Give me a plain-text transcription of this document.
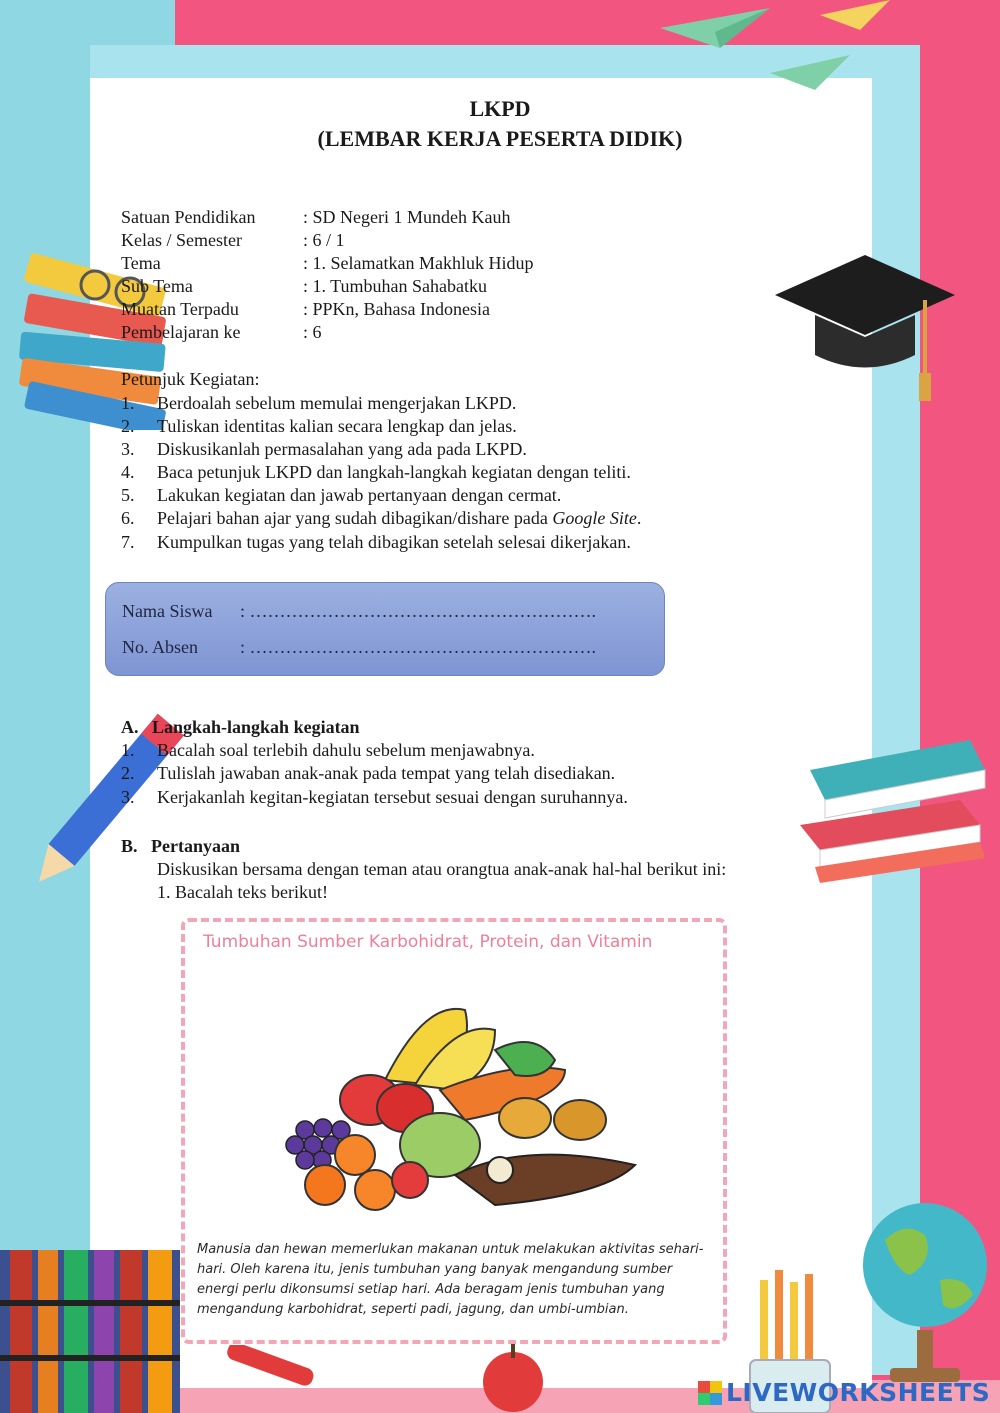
LKPD
(LEMBAR KERJA PESERTA DIDIK)
Satuan Pendidikan	: SD Negeri 1 Mundeh Kauh
Kelas / Semester	: 6 / 1
Tema	: 1. Selamatkan Makhluk Hidup
Sub Tema	: 1. Tumbuhan Sahabatku
Muatan Terpadu	: PPKn, Bahasa Indonesia
Pembelajaran ke	: 6
Petunjuk Kegiatan:
1. Berdoalah sebelum memulai mengerjakan LKPD.
2. Tuliskan identitas kalian secara lengkap dan jelas.
3. Diskusikanlah permasalahan yang ada pada LKPD.
4. Baca petunjuk LKPD dan langkah-langkah kegiatan dengan teliti.
5. Lakukan kegiatan dan jawab pertanyaan dengan cermat.
6. Pelajari bahan ajar yang sudah dibagikan/dishare pada Google Site.
7. Kumpulkan tugas yang telah dibagikan setelah selesai dikerjakan.
Nama Siswa : ………………………………………………….
No. Absen : ………………………………………………….
A.   Langkah-langkah kegiatan
1. Bacalah soal terlebih dahulu sebelum menjawabnya.
2. Tulislah jawaban anak-anak pada tempat yang telah disediakan.
3. Kerjakanlah kegitan-kegiatan tersebut sesuai dengan suruhannya.
B.   Pertanyaan
Diskusikan bersama dengan teman atau orangtua anak-anak hal-hal berikut ini:
1. Bacalah teks berikut!
Tumbuhan Sumber Karbohidrat, Protein, dan Vitamin
Manusia dan hewan memerlukan makanan untuk melakukan aktivitas sehari-hari. Oleh karena itu, jenis tumbuhan yang banyak mengandung sumber energi perlu dikonsumsi setiap hari. Ada beragam jenis tumbuhan yang mengandung karbohidrat, seperti padi, jagung, dan umbi-umbian.
LIVEWORKSHEETS
